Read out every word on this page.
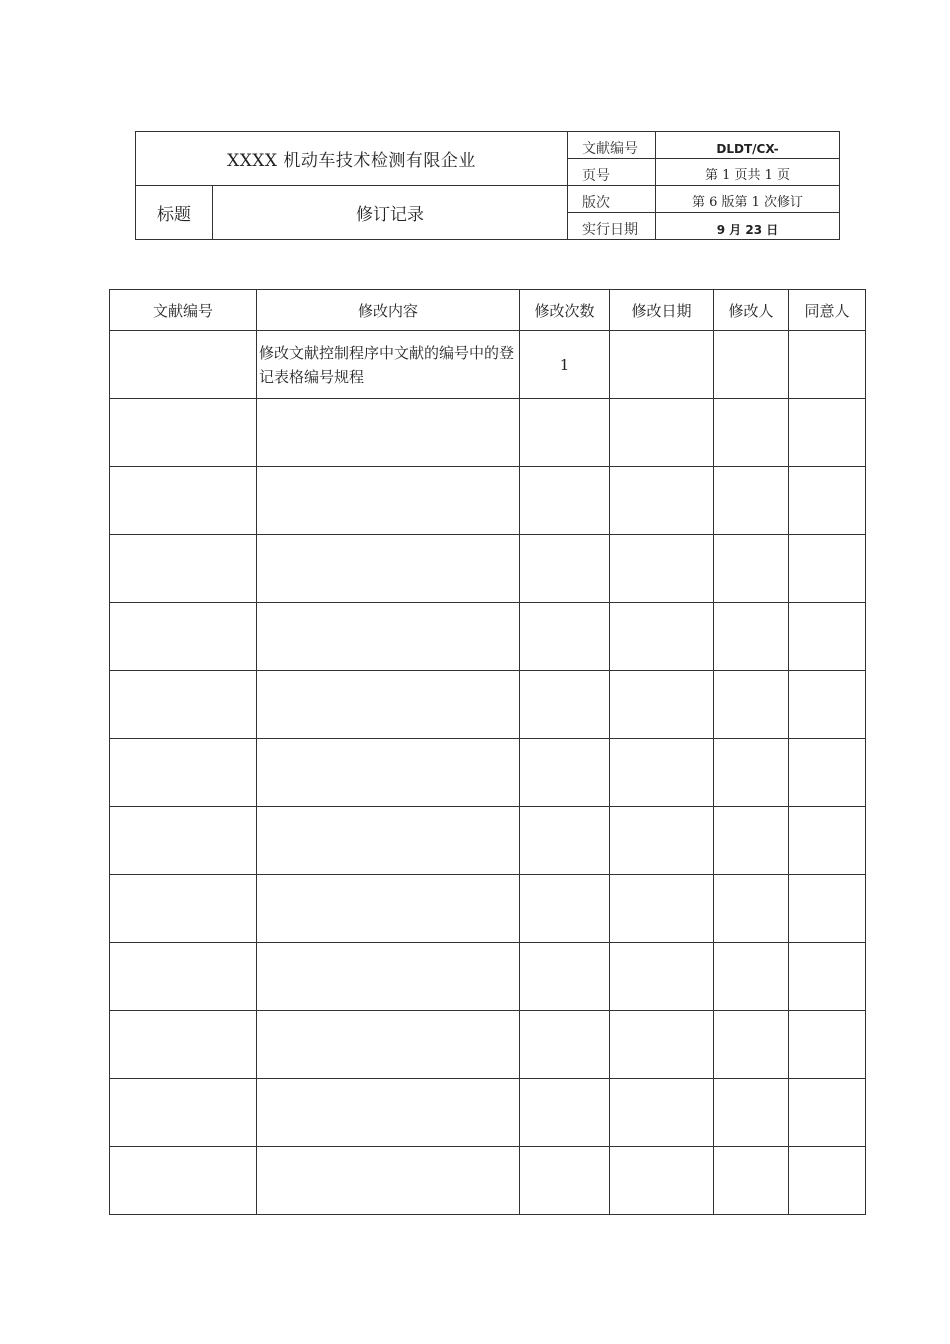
XXXX 机动车技术检测有限企业		文献编号	DLDT/CX-
		页号	第 1 页共 1 页
标题	修订记录	版次	第 6 版第 1 次修订
		实行日期	9 月 23 日
文献编号	修改内容	修改次数	修改日期	修改人	同意人
	修改文献控制程序中文献的编号中的登记表格编号规程	1			
